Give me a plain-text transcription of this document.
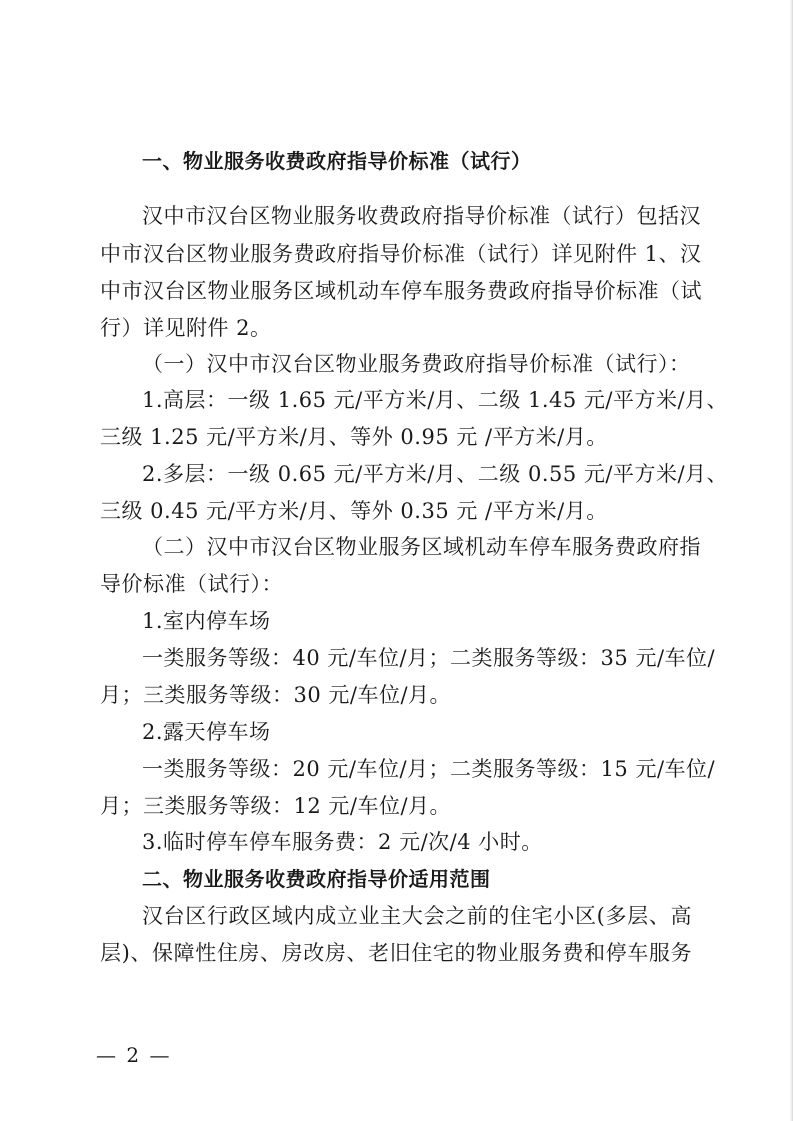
一、物业服务收费政府指导价标准（试行）
汉中市汉台区物业服务收费政府指导价标准（试行）包括汉
中市汉台区物业服务费政府指导价标准（试行）详见附件 1、汉
中市汉台区物业服务区域机动车停车服务费政府指导价标准（试
行）详见附件 2。
（一）汉中市汉台区物业服务费政府指导价标准（试行）：
1.高层：一级 1.65 元/平方米/月、二级 1.45 元/平方米/月、
三级 1.25 元/平方米/月、等外 0.95 元 /平方米/月。
2.多层：一级 0.65 元/平方米/月、二级 0.55 元/平方米/月、
三级 0.45 元/平方米/月、等外 0.35 元 /平方米/月。
（二）汉中市汉台区物业服务区域机动车停车服务费政府指
导价标准（试行）：
1.室内停车场
一类服务等级：40 元/车位/月；二类服务等级：35 元/车位/
月；三类服务等级：30 元/车位/月。
2.露天停车场
一类服务等级：20 元/车位/月；二类服务等级：15 元/车位/
月；三类服务等级：12 元/车位/月。
3.临时停车停车服务费：2 元/次/4 小时。
二、物业服务收费政府指导价适用范围
汉台区行政区域内成立业主大会之前的住宅小区(多层、高
层)、保障性住房、房改房、老旧住宅的物业服务费和停车服务
— 2 —
